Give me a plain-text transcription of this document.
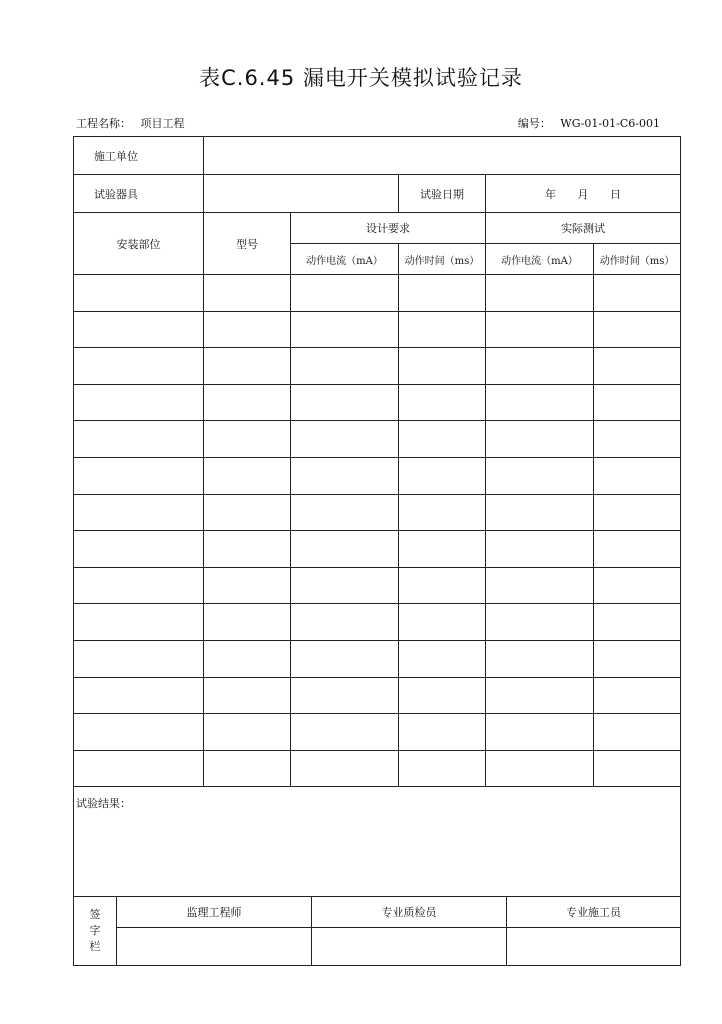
表C.6.45 漏电开关模拟试验记录
工程名称： 项目工程	编号： WG-01-01-C6-001
施工单位					
试验器具			试验日期	年 月 日	
安装部位	型号	设计要求		实际测试	
		动作电流（mA）	动作时间（ms）	动作电流（mA）	动作时间（ms）

试验结果：					
签
字
栏	监理工程师	专业质检员	专业施工员
